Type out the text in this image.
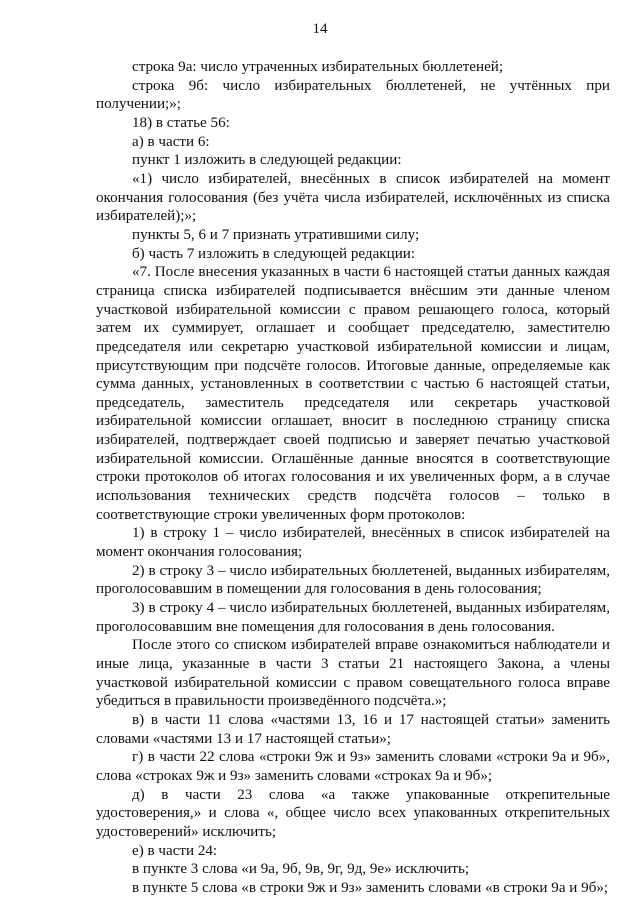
14

строка 9а: число утраченных избирательных бюллетеней;

строка 9б: число избирательных бюллетеней, не учтённых при получении;»;

18) в статье 56:

а) в части 6:

пункт 1 изложить в следующей редакции:

«1) число избирателей, внесённых в список избирателей на момент окончания голосования (без учёта числа избирателей, исключённых из списка избирателей);»;

пункты 5, 6 и 7 признать утратившими силу;

б) часть 7 изложить в следующей редакции:

«7. После внесения указанных в части 6 настоящей статьи данных каждая страница списка избирателей подписывается внёсшим эти данные членом участковой избирательной комиссии с правом решающего голоса, который затем их суммирует, оглашает и сообщает председателю, заместителю председателя или секретарю участковой избирательной комиссии и лицам, присутствующим при подсчёте голосов. Итоговые данные, определяемые как сумма данных, установленных в соответствии с частью 6 настоящей статьи, председатель, заместитель председателя или секретарь участковой избирательной комиссии оглашает, вносит в последнюю страницу списка избирателей, подтверждает своей подписью и заверяет печатью участковой избирательной комиссии. Оглашённые данные вносятся в соответствующие строки протоколов об итогах голосования и их увеличенных форм, а в случае использования технических средств подсчёта голосов – только в соответствующие строки увеличенных форм протоколов:

1) в строку 1 – число избирателей, внесённых в список избирателей на момент окончания голосования;

2) в строку 3 – число избирательных бюллетеней, выданных избирателям, проголосовавшим в помещении для голосования в день голосования;

3) в строку 4 – число избирательных бюллетеней, выданных избирателям, проголосовавшим вне помещения для голосования в день голосования.

После этого со списком избирателей вправе ознакомиться наблюдатели и иные лица, указанные в части 3 статьи 21 настоящего Закона, а члены участковой избирательной комиссии с правом совещательного голоса вправе убедиться в правильности произведённого подсчёта.»;

в) в части 11 слова «частями 13, 16 и 17 настоящей статьи» заменить словами «частями 13 и 17 настоящей статьи»;

г) в части 22 слова «строки 9ж и 9з» заменить словами «строки 9а и 9б», слова «строках 9ж и 9з» заменить словами «строках 9а и 9б»;

д) в части 23 слова «а также упакованные открепительные удостоверения,» и слова «, общее число всех упакованных открепительных удостоверений» исключить;

е) в части 24:

в пункте 3 слова «и 9а, 9б, 9в, 9г, 9д, 9е» исключить;

в пункте 5 слова «в строки 9ж и 9з» заменить словами «в строки 9а и 9б»;
